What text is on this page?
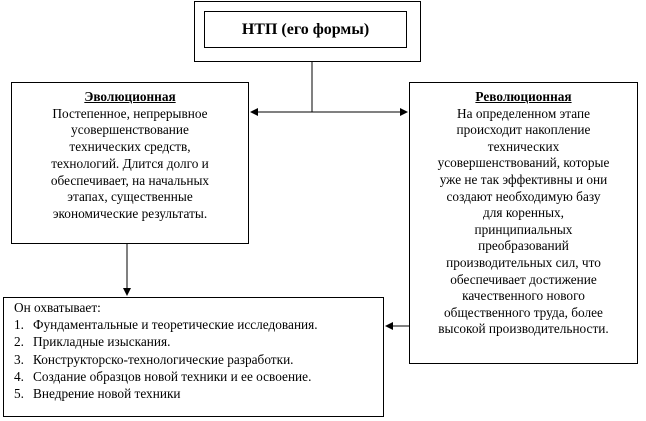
НТП (его формы)
Эволюционная
Постепенное, непрерывное
усовершенствование
технических средств,
технологий. Длится долго и
обеспечивает, на начальных
этапах, существенные
экономические результаты.
Революционная
На определенном этапе
происходит накопление
технических
усовершенствований, которые
уже не так эффективны и они
создают необходимую базу
для коренных,
принципиальных
преобразований
производительных сил, что
обеспечивает достижение
качественного нового
общественного труда, более
высокой производительности.
Он охватывает:
1. Фундаментальные и теоретические исследования.
2. Прикладные изыскания.
3. Конструкторско-технологические разработки.
4. Создание образцов новой техники и ее освоение.
5. Внедрение новой техники
